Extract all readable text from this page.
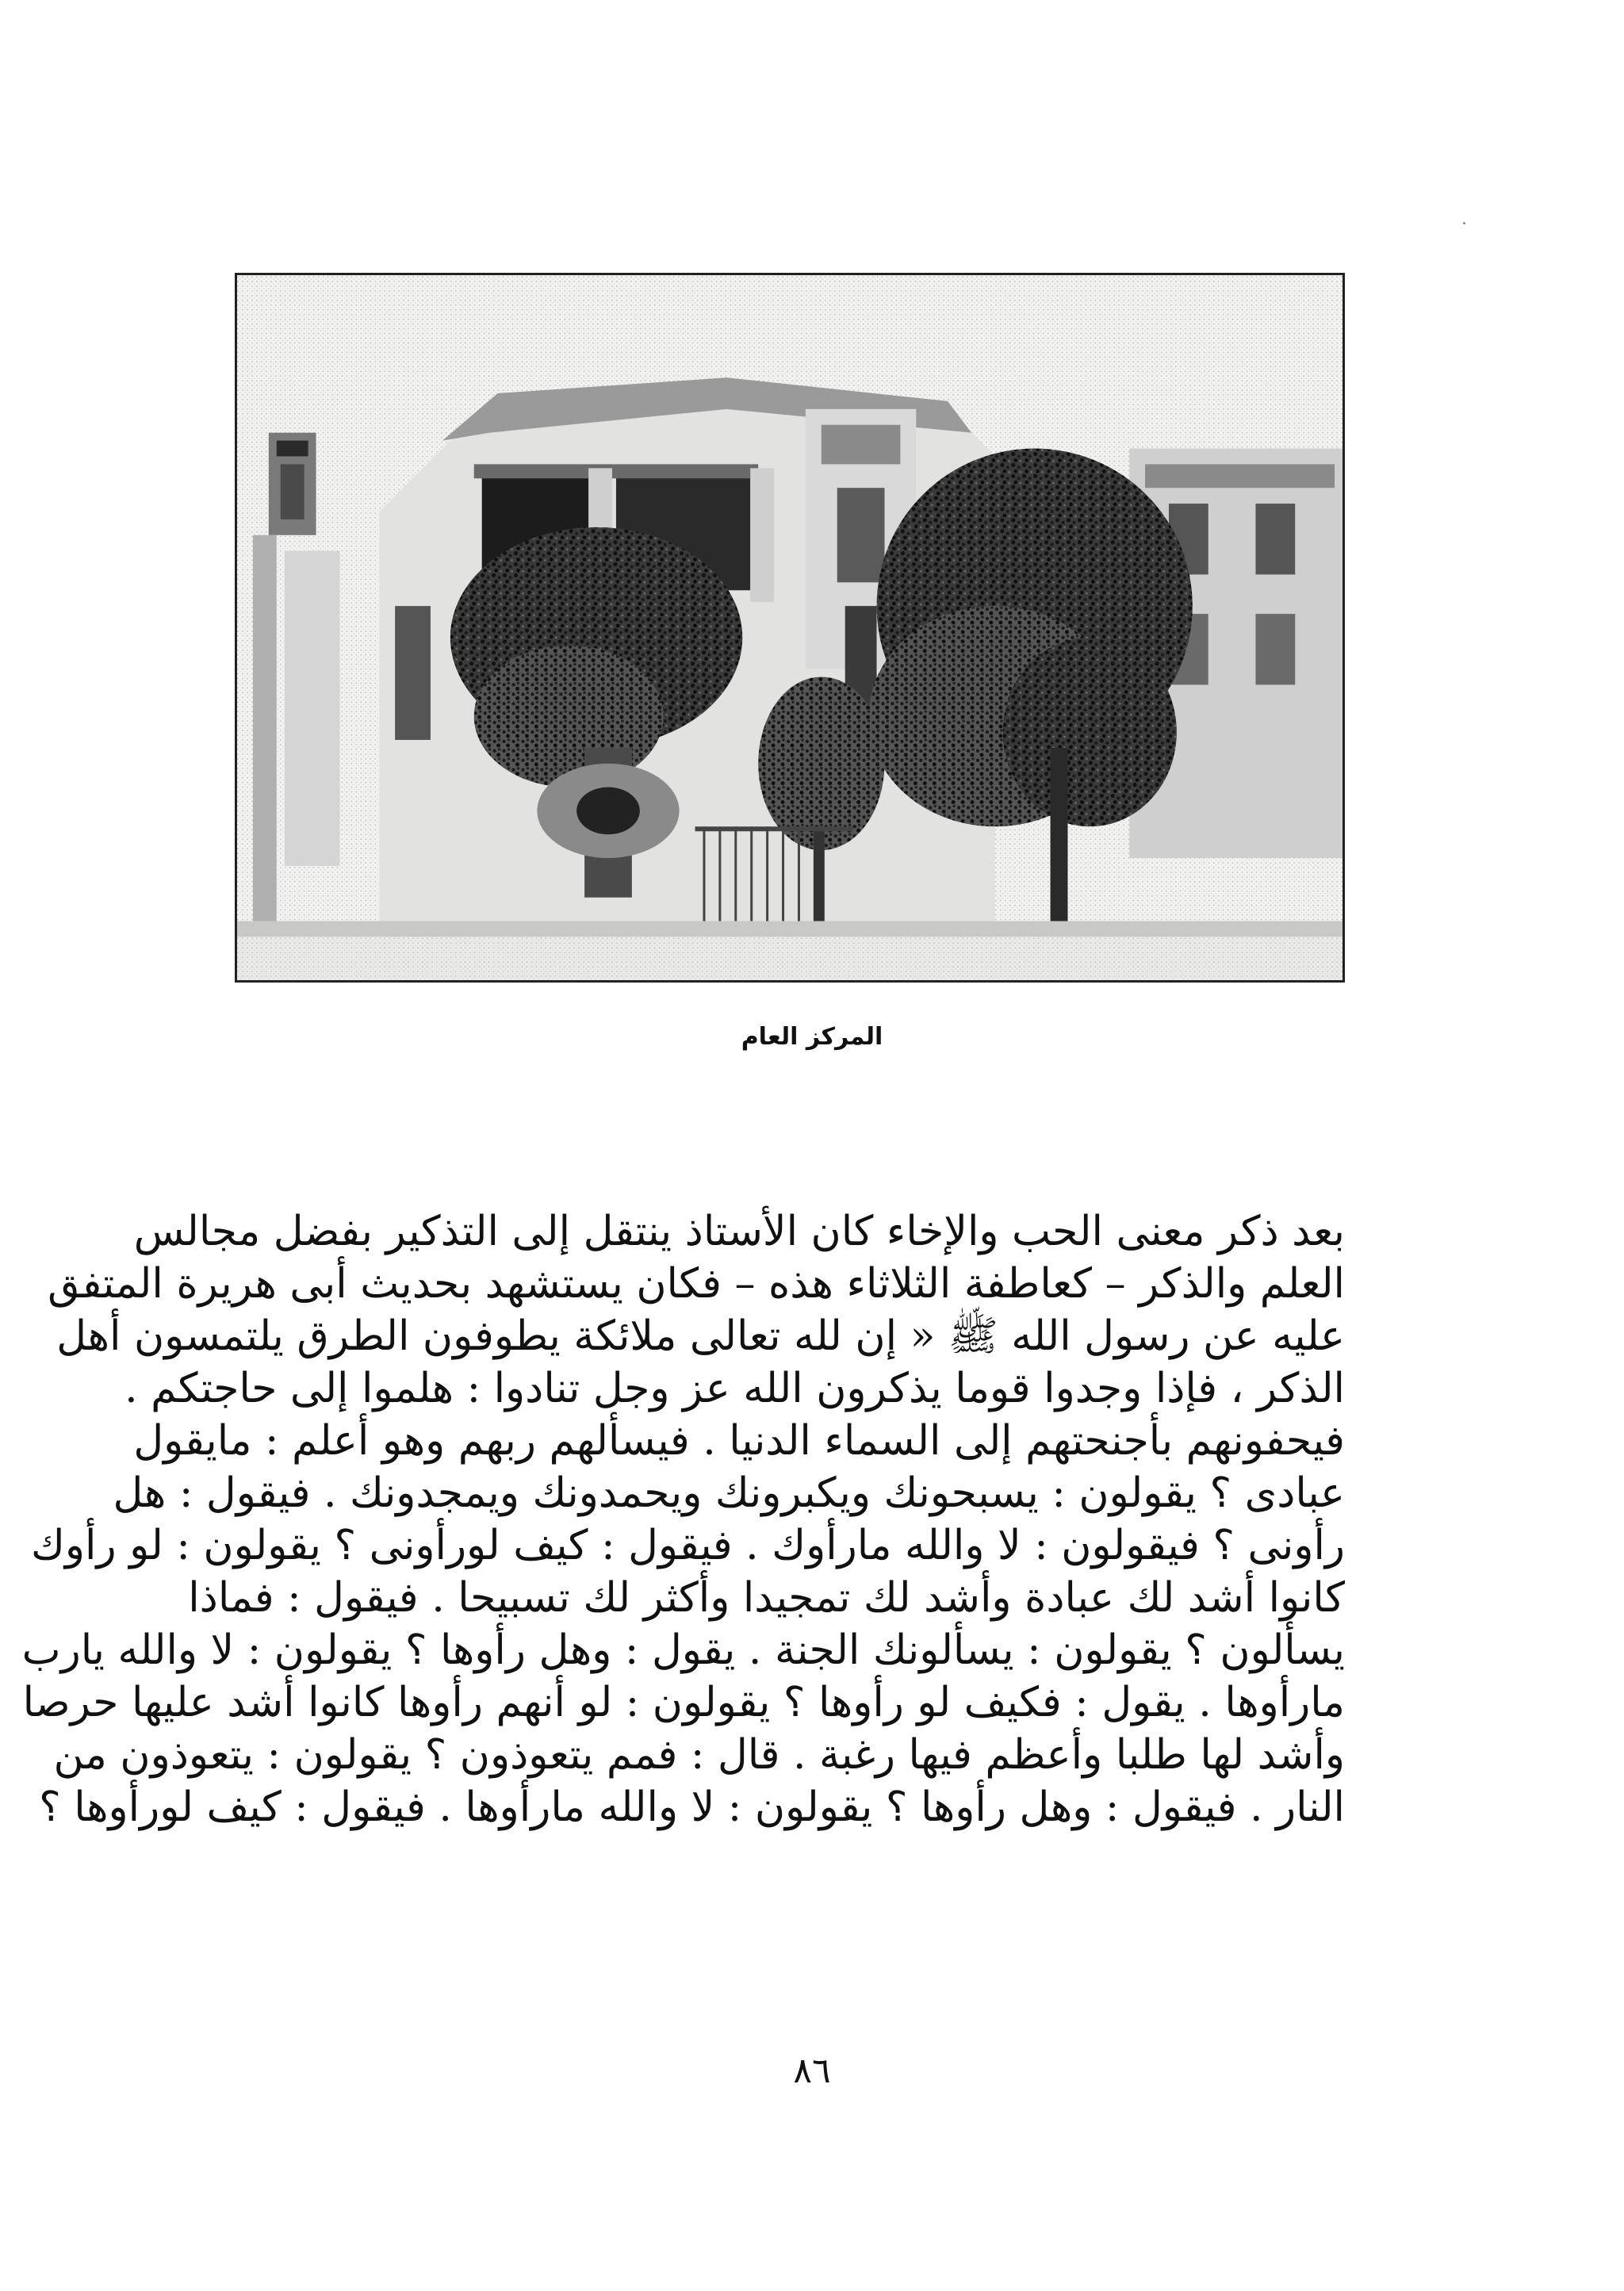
المركز العام
بعد ذكر معنى الحب والإخاء كان الأستاذ ينتقل إلى التذكير بفضل مجالس
العلم والذكر – كعاطفة الثلاثاء هذه – فكان يستشهد بحديث أبى هريرة المتفق
عليه عن رسول الله ﷺ « إن لله تعالى ملائكة يطوفون الطرق يلتمسون أهل
الذكر ، فإذا وجدوا قوما يذكرون الله عز وجل تنادوا : هلموا إلى حاجتكم .
فيحفونهم بأجنحتهم إلى السماء الدنيا . فيسألهم ربهم وهو أعلم : مايقول
عبادى ؟ يقولون : يسبحونك ويكبرونك ويحمدونك ويمجدونك . فيقول : هل
رأونى ؟ فيقولون : لا والله مارأوك . فيقول : كيف لورأونى ؟ يقولون : لو رأوك
كانوا أشد لك عبادة وأشد لك تمجيدا وأكثر لك تسبيحا . فيقول : فماذا
يسألون ؟ يقولون : يسألونك الجنة . يقول : وهل رأوها ؟ يقولون : لا والله يارب
مارأوها . يقول : فكيف لو رأوها ؟ يقولون : لو أنهم رأوها كانوا أشد عليها حرصا
وأشد لها طلبا وأعظم فيها رغبة . قال : فمم يتعوذون ؟ يقولون : يتعوذون من
النار . فيقول : وهل رأوها ؟ يقولون : لا والله مارأوها . فيقول : كيف لورأوها ؟
٨٦
